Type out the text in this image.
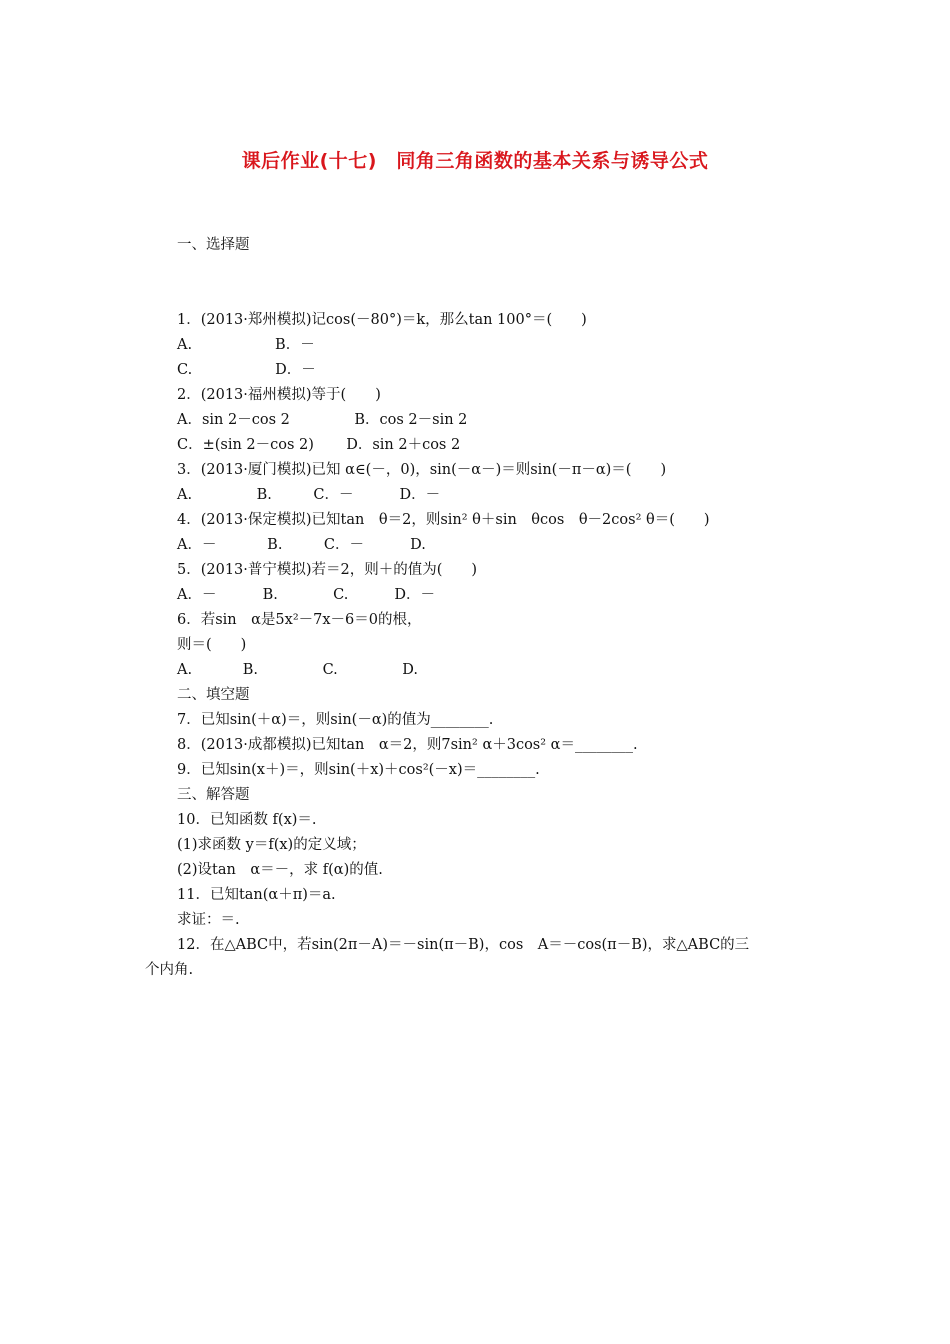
课后作业(十七)　同角三角函数的基本关系与诱导公式
一、选择题
1．(2013·郑州模拟)记cos(－80°)＝k，那么tan 100°＝(　　)
A.                  B．－
C.                  D．－
2．(2013·福州模拟)等于(　　)
A．sin 2－cos 2              B．cos 2－sin 2
C．±(sin 2－cos 2)       D．sin 2＋cos 2
3．(2013·厦门模拟)已知 α∈(－，0)，sin(－α－)＝则sin(－π－α)＝(　　)
A.              B.         C．－          D．－
4．(2013·保定模拟)已知tan　θ＝2，则sin² θ＋sin　θcos　θ－2cos² θ＝(　　)
A．－           B.         C．－          D.
5．(2013·普宁模拟)若＝2，则＋的值为(　　)
A．－          B.            C.          D．－
6．若sin　α是5x²－7x－6＝0的根，
则＝(　　)
A.           B.              C.              D.
二、填空题
7．已知sin(＋α)＝，则sin(－α)的值为________.
8．(2013·成都模拟)已知tan　α＝2，则7sin² α＋3cos² α＝________.
9．已知sin(x＋)＝，则sin(＋x)＋cos²(－x)＝________.
三、解答题
10．已知函数 f(x)＝.
(1)求函数 y＝f(x)的定义域；
(2)设tan　α＝－，求 f(α)的值.
11．已知tan(α＋π)＝a.
求证：＝.
12．在△ABC中，若sin(2π－A)＝－sin(π－B)，cos　A＝－cos(π－B)，求△ABC的三
个内角.
